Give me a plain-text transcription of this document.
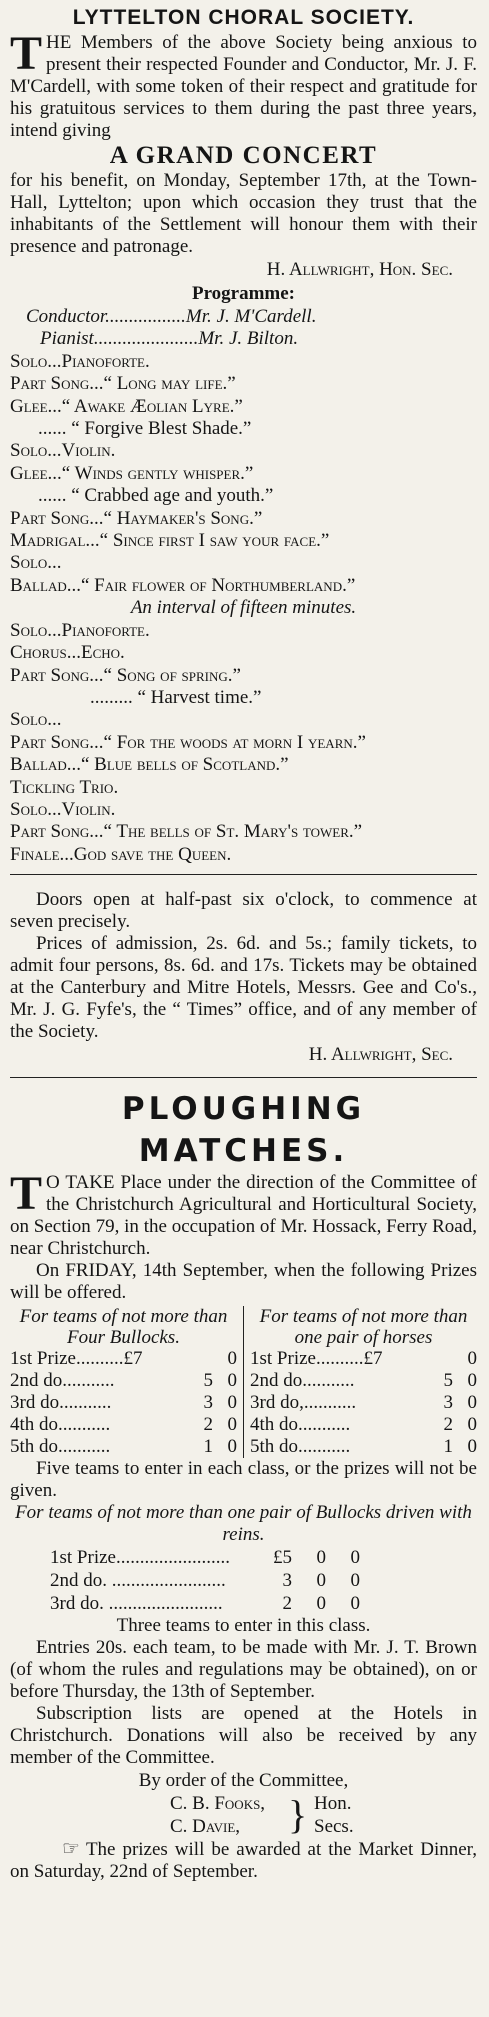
LYTTELTON CHORAL SOCIETY.

THE Members of the above Society being anxious to present their respected Founder and Conductor, Mr. J. F. M'Cardell, with some token of their respect and gratitude for his gratuitous services to them during the past three years, intend giving

A GRAND CONCERT

for his benefit, on Monday, September 17th, at the Town-Hall, Lyttelton; upon which occasion they trust that the inhabitants of the Settlement will honour them with their presence and patronage.

H. Allwright, Hon. Sec.
Programme:
Conductor.................Mr. J. M'Cardell.
Pianist......................Mr. J. Bilton.
Solo...Pianoforte.
Part Song...“ Long may life.”
Glee...“ Awake Æolian Lyre.”
...... “ Forgive Blest Shade.”
Solo...Violin.
Glee...“ Winds gently whisper.”
...... “ Crabbed age and youth.”
Part Song...“ Haymaker's Song.”
Madrigal...“ Since first I saw your face.”
Solo...
Ballad...“ Fair flower of Northumberland.”
An interval of fifteen minutes.
Solo...Pianoforte.
Chorus...Echo.
Part Song...“ Song of spring.”
......... “ Harvest time.”
Solo...
Part Song...“ For the woods at morn I yearn.”
Ballad...“ Blue bells of Scotland.”
Tickling Trio.
Solo...Violin.
Part Song...“ The bells of St. Mary's tower.”
Finale...God save the Queen.

Doors open at half-past six o'clock, to commence at seven precisely.

Prices of admission, 2s. 6d. and 5s.; family tickets, to admit four persons, 8s. 6d. and 17s. Tickets may be obtained at the Canterbury and Mitre Hotels, Messrs. Gee and Co's., Mr. J. G. Fyfe's, the “ Times” office, and of any member of the Society.

H. Allwright, Sec.
PLOUGHING MATCHES.

T O TAKE Place under the direction of the Committee of the Christchurch Agricultural and Horticultural Society, on Section 79, in the occupation of Mr. Hossack, Ferry Road, near Christchurch.

On FRIDAY, 14th September, when the following Prizes will be offered.

For teams of not more than Four Bullocks.
1st Prize..........£7	0
2nd do...........	5 0
3rd do...........	3 0
4th do...........	2 0
5th do...........	1 0
For teams of not more than one pair of horses
1st Prize..........£7	0
2nd do...........	5 0
3rd do,...........	3 0
4th do...........	2 0
5th do...........	1 0

Five teams to enter in each class, or the prizes will not be given.

For teams of not more than one pair of Bullocks driven with reins.
1st Prize........................	£5	0	0
2nd do. ........................	3	0	0
3rd do. ........................	2	0	0
Three teams to enter in this class.

Entries 20s. each team, to be made with Mr. J. T. Brown (of whom the rules and regulations may be obtained), on or before Thursday, the 13th of September.

Subscription lists are opened at the Hotels in Christchurch. Donations will also be received by any member of the Committee.

By order of the Committee,
C. B. Fooks,
C. Davie,	} Hon.
Secs.

☞ The prizes will be awarded at the Market Dinner, on Saturday, 22nd of September.
